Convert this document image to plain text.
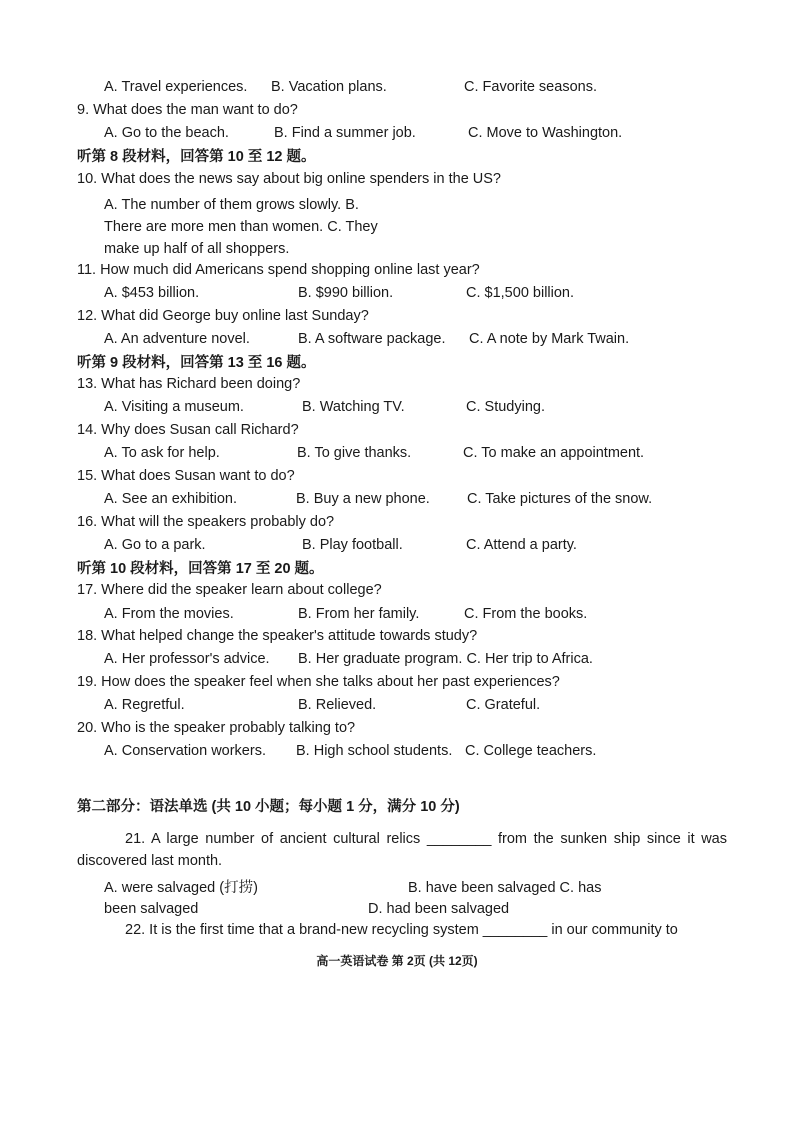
A. Travel experiences. B. Vacation plans.	C. Favorite seasons.
9. What does the man want to do?
A. Go to the beach.	B. Find a summer job.	C. Move to Washington.
听第 8 段材料，回答第 10 至 12 题。
10. What does the news say about big online spenders in the US?
A. The number of them grows slowly. B.
There are more men than women. C. They
make up half of all shoppers.
11. How much did Americans spend shopping online last year?
A. $453 billion.	B. $990 billion.	C. $1,500 billion.
12. What did George buy online last Sunday?
A. An adventure novel.	B. A software package. C. A note by Mark Twain.
听第 9 段材料，回答第 13 至 16 题。
13. What has Richard been doing?
A. Visiting a museum.	B. Watching TV.	C. Studying.
14. Why does Susan call Richard?
A. To ask for help.	B. To give thanks.	C. To make an appointment.
15. What does Susan want to do?
A. See an exhibition.	B. Buy a new phone.	C. Take pictures of the snow.
16. What will the speakers probably do?
A. Go to a park.	B. Play football.	C. Attend a party.
听第 10 段材料，回答第 17 至 20 题。
17. Where did the speaker learn about college?
A. From the movies.	B. From her family.	C. From the books.
18. What helped change the speaker's attitude towards study?
A. Her professor's advice. B. Her graduate program. C. Her trip to Africa.
19. How does the speaker feel when she talks about her past experiences?
A. Regretful.	B. Relieved.	C. Grateful.
20. Who is the speaker probably talking to?
A. Conservation workers. B. High school students. C. College teachers.
第二部分：语法单选 (共 10 小题；每小题 1 分，满分 10 分)
21. A large number of ancient cultural relics ________ from the sunken ship since it was discovered last month.
A. were salvaged (打捞)	B. have been salvaged C. has
been salvaged	D. had been salvaged
22. It is the first time that a brand-new recycling system ________ in our community to
高一英语试卷 第 2页 (共 12页)
